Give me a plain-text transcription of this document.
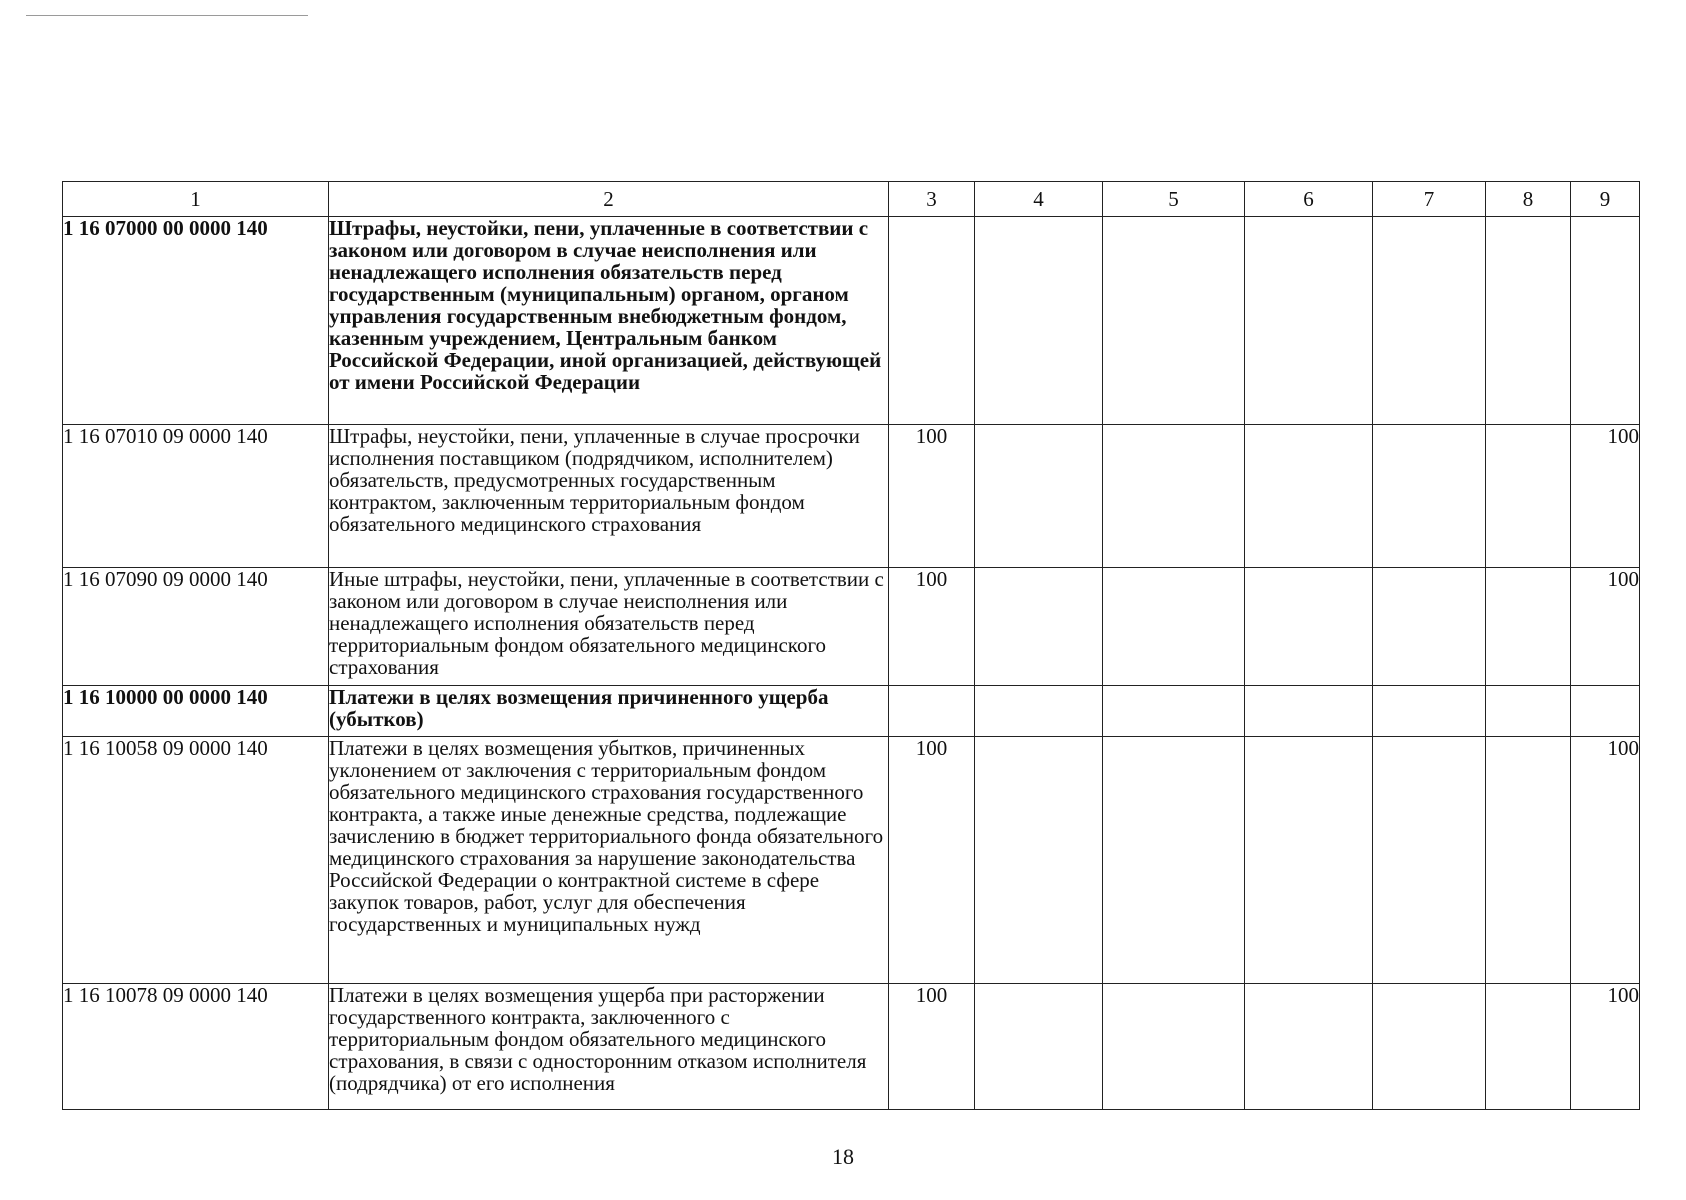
1	2	3	4	5	6	7	8	9
1 16 07000 00 0000 140	Штрафы, неустойки, пени, уплаченные в соответствии с законом или договором в случае неисполнения или ненадлежащего исполнения обязательств перед государственным (муниципальным) органом, органом управления государственным внебюджетным фондом, казенным учреждением, Центральным банком Российской Федерации, иной организацией, действующей от имени Российской Федерации							
1 16 07010 09 0000 140	Штрафы, неустойки, пени, уплаченные в случае просрочки исполнения поставщиком (подрядчиком, исполнителем) обязательств, предусмотренных государственным контрактом, заключенным территориальным фондом обязательного медицинского страхования	100						100
1 16 07090 09 0000 140	Иные штрафы, неустойки, пени, уплаченные в соответствии с законом или договором в случае неисполнения или ненадлежащего исполнения обязательств перед территориальным фондом обязательного медицинского страхования	100						100
1 16 10000 00 0000 140	Платежи в целях возмещения причиненного ущерба (убытков)							
1 16 10058 09 0000 140	Платежи в целях возмещения убытков, причиненных уклонением от заключения с территориальным фондом обязательного медицинского страхования государственного контракта, а также иные денежные средства, подлежащие зачислению в бюджет территориального фонда обязательного медицинского страхования за нарушение законодательства Российской Федерации о контрактной системе в сфере закупок товаров, работ, услуг для обеспечения государственных и муниципальных нужд	100						100
1 16 10078 09 0000 140	Платежи в целях возмещения ущерба при расторжении государственного контракта, заключенного с территориальным фондом обязательного медицинского страхования, в связи с односторонним отказом исполнителя (подрядчика) от его исполнения	100						100
18
